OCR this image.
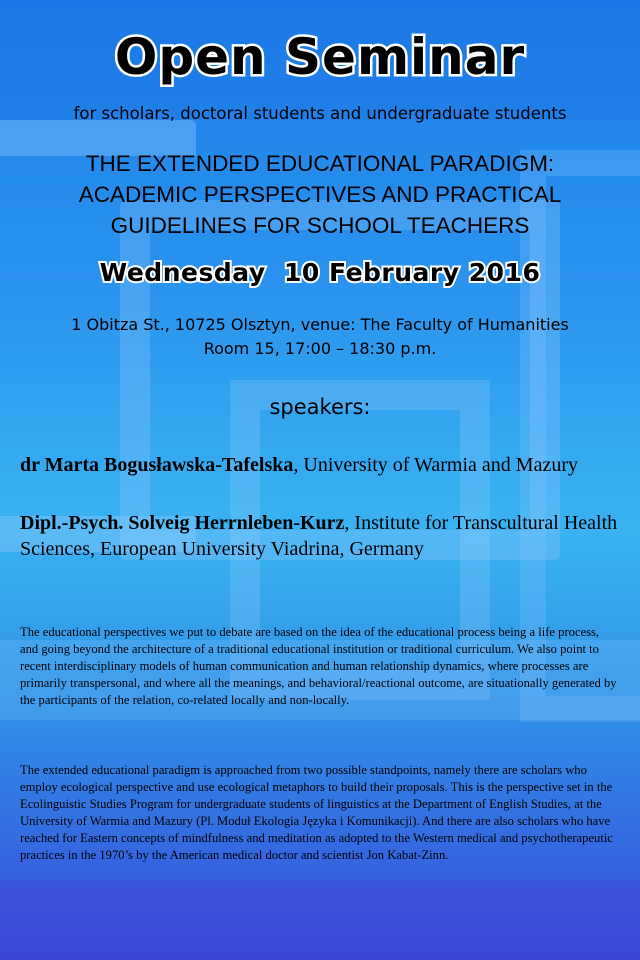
Open Seminar
for scholars, doctoral students and undergraduate students
THE EXTENDED EDUCATIONAL PARADIGM:
ACADEMIC PERSPECTIVES AND PRACTICAL
GUIDELINES FOR SCHOOL TEACHERS
Wednesday  10 February 2016
1 Obitza St., 10725 Olsztyn, venue: The Faculty of Humanities
Room 15, 17:00 – 18:30 p.m.
speakers:
dr Marta Bogusławska-Tafelska, University of Warmia and Mazury
Dipl.-Psych. Solveig Herrnleben-Kurz, Institute for Transcultural Health Sciences, European University Viadrina, Germany
The educational perspectives we put to debate are based on the idea of the educational process being a life process, and going beyond the architecture of a traditional educational institution or traditional curriculum. We also point to recent interdisciplinary models of human communication and human relationship dynamics, where processes are primarily transpersonal, and where all the meanings, and behavioral/reactional outcome, are situationally generated by the participants of the relation, co-related locally and non-locally.
The extended educational paradigm is approached from two possible standpoints, namely there are scholars who employ ecological perspective and use ecological metaphors to build their proposals. This is the perspective set in the Ecolinguistic Studies Program for undergraduate students of linguistics at the Department of English Studies, at the University of Warmia and Mazury (Pl. Moduł Ekologia Języka i Komunikacji). And there are also scholars who have reached for Eastern concepts of mindfulness and meditation as adopted to the Western medical and psychotherapeutic practices in the 1970’s by the American medical doctor and scientist Jon Kabat-Zinn.
